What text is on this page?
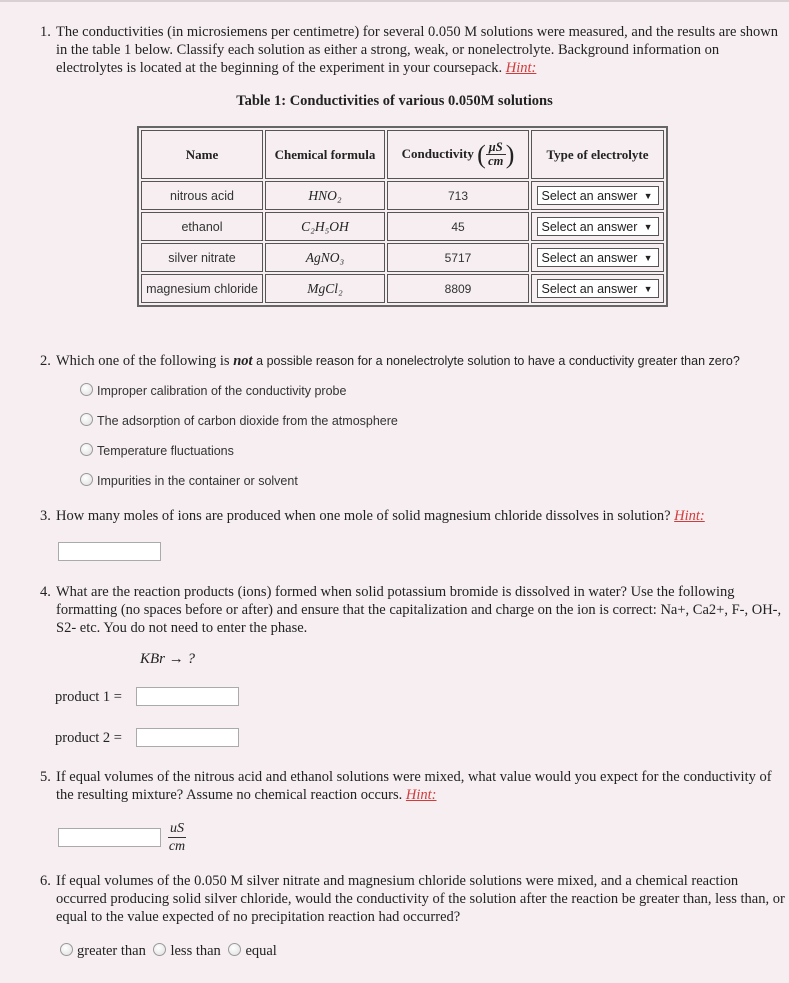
1. The conductivities (in microsiemens per centimetre) for several 0.050 M solutions were measured, and the results are shown in the table 1 below. Classify each solution as either a strong, weak, or nonelectrolyte. Background information on electrolytes is located at the beginning of the experiment in your coursepack. Hint:
Table 1: Conductivities of various 0.050M solutions
Name	Chemical formula	Conductivity ( $\frac{\mu S}{cm}$ )	Type of electrolyte
nitrous acid	HNO₂	713	Select an answer ▼

ethanol	C₂H₅OH	45	Select an answer ▼

silver nitrate	AgNO₃	5717	Select an answer ▼

magnesium chloride	MgCl₂	8809	Select an answer ▼
2. Which one of the following is not a possible reason for a nonelectrolyte solution to have a conductivity greater than zero?
Improper calibration of the conductivity probe
The adsorption of carbon dioxide from the atmosphere
Temperature fluctuations
Impurities in the container or solvent
3. How many moles of ions are produced when one mole of solid magnesium chloride dissolves in solution? Hint:
4. What are the reaction products (ions) formed when solid potassium bromide is dissolved in water? Use the following formatting (no spaces before or after) and ensure that the capitalization and charge on the ion is correct: Na+, Ca2+, F-, OH-, S2- etc. You do not need to enter the phase.
KBr → ?
product 1 =
product 2 =
5. If equal volumes of the nitrous acid and ethanol solutions were mixed, what value would you expect for the conductivity of the resulting mixture? Assume no chemical reaction occurs. Hint:
uS
cm
6. If equal volumes of the 0.050 M silver nitrate and magnesium chloride solutions were mixed, and a chemical reaction occurred producing solid silver chloride, would the conductivity of the solution after the reaction be greater than, less than, or equal to the value expected of no precipitation reaction had occurred?
greater than less than equal
